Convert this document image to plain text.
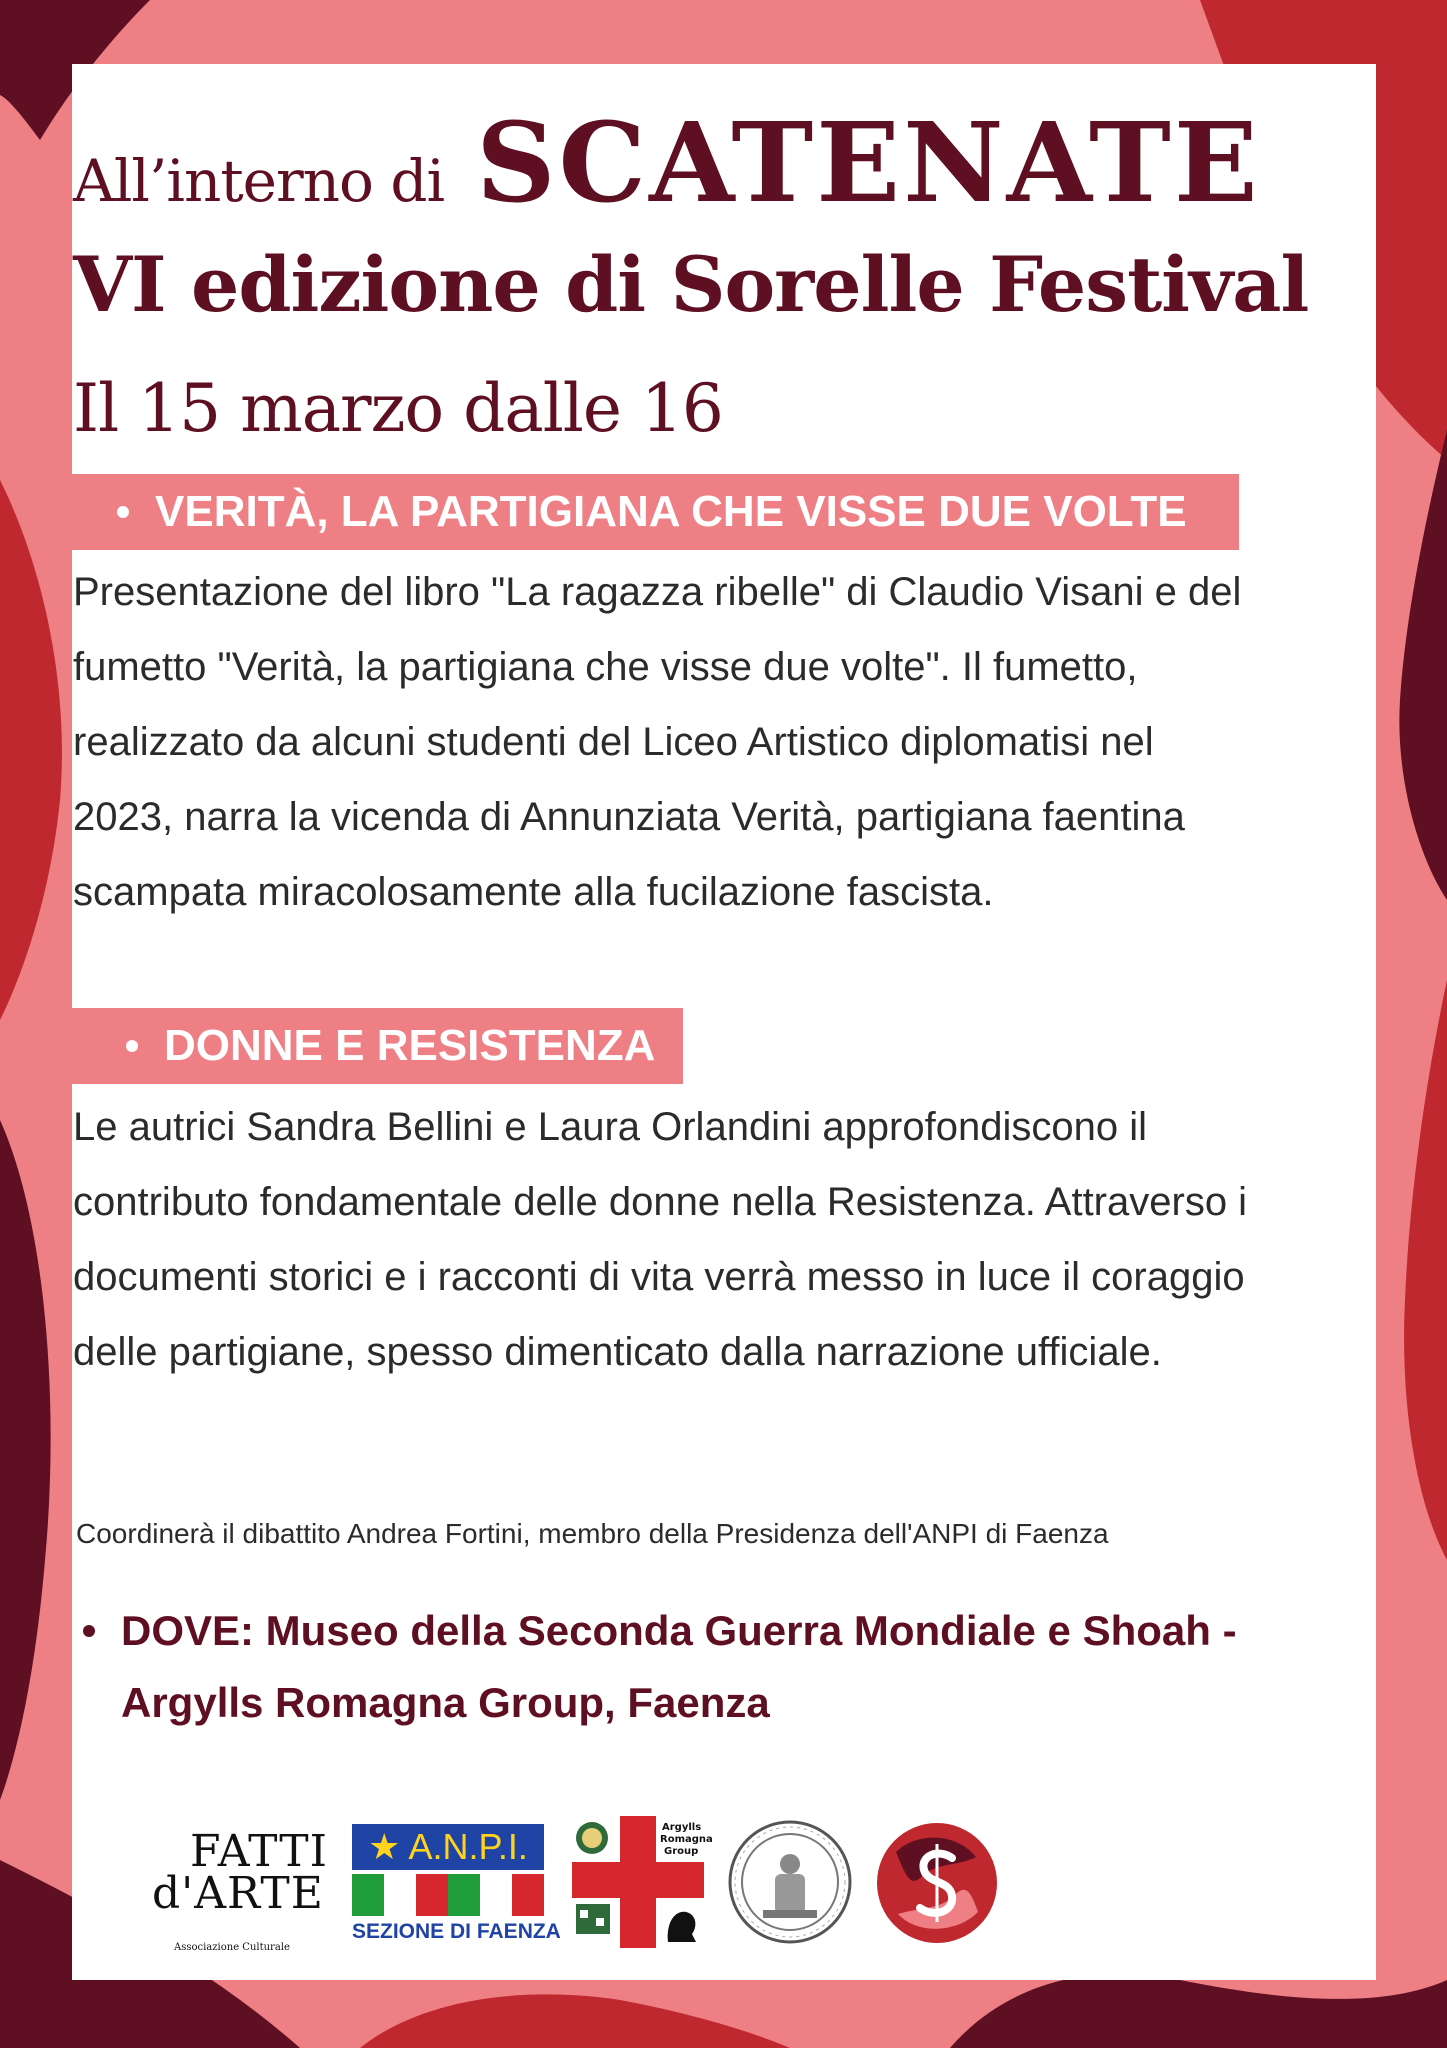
All’interno di SCATENATE
VI edizione di Sorelle Festival
Il 15 marzo dalle 16
VERITÀ, LA PARTIGIANA CHE VISSE DUE VOLTE

Presentazione del libro "La ragazza ribelle" di Claudio Visani e del fumetto "Verità, la partigiana che visse due volte". Il fumetto, realizzato da alcuni studenti del Liceo Artistico diplomatisi nel 2023, narra la vicenda di Annunziata Verità, partigiana faentina scampata miracolosamente alla fucilazione fascista.

DONNE E RESISTENZA

Le autrici Sandra Bellini e Laura Orlandini approfondiscono il contributo fondamentale delle donne nella Resistenza. Attraverso i documenti storici e i racconti di vita verrà messo in luce il coraggio delle partigiane, spesso dimenticato dalla narrazione ufficiale.

Coordinerà il dibattito Andrea Fortini, membro della Presidenza dell'ANPI di Faenza
DOVE: Museo della Seconda Guerra Mondiale e Shoah - Argylls Romagna Group, Faenza
FATTI
d'ARTE
Associazione Culturale
★ A.N.P.I.
SEZIONE DI FAENZA
Argylls
Romagna
Group
